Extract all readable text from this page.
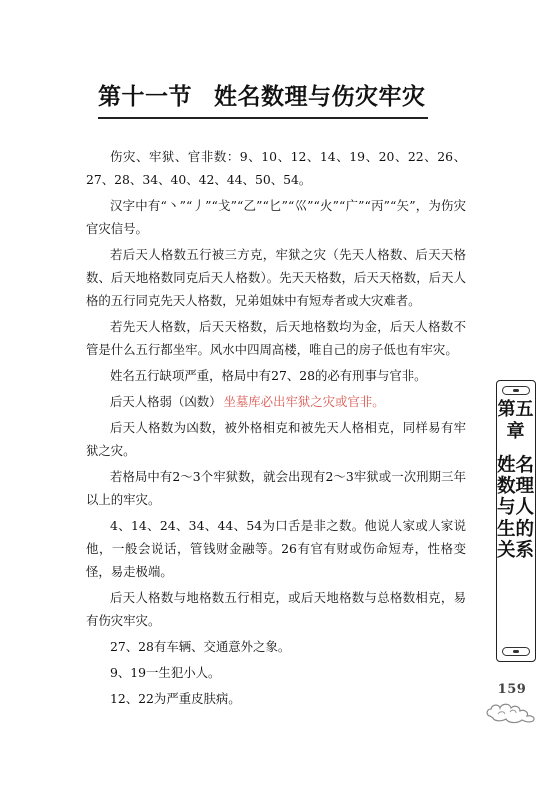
第十一节 姓名数理与伤灾牢灾

伤灾、牢狱、官非数：9、10、12、14、19、20、22、26、27、28、34、40、42、44、50、54。

汉字中有“丶”“丿”“戈”“乙”“匕”“巛”“火”“广”“丙”“矢”，为伤灾官灾信号。

若后天人格数五行被三方克，牢狱之灾（先天人格数、后天天格数、后天地格数同克后天人格数）。先天天格数，后天天格数，后天人格的五行同克先天人格数，兄弟姐妹中有短寿者或大灾难者。

若先天人格数，后天天格数，后天地格数均为金，后天人格数不管是什么五行都坐牢。风水中四周高楼，唯自己的房子低也有牢灾。

姓名五行缺项严重，格局中有27、28的必有刑事与官非。

后天人格弱（凶数） 坐墓库必出牢狱之灾或官非。

后天人格数为凶数，被外格相克和被先天人格相克，同样易有牢狱之灾。

若格局中有2～3个牢狱数，就会出现有2～3牢狱或一次刑期三年以上的牢灾。

4、14、24、34、44、54为口舌是非之数。他说人家或人家说他，一般会说话，管钱财金融等。26有官有财或伤命短寿，性格变怪，易走极端。

后天人格数与地格数五行相克，或后天地格数与总格数相克，易有伤灾牢灾。

27、28有车辆、交通意外之象。

9、19一生犯小人。

12、22为严重皮肤病。

第五章
姓名数理与人生的关系
159
